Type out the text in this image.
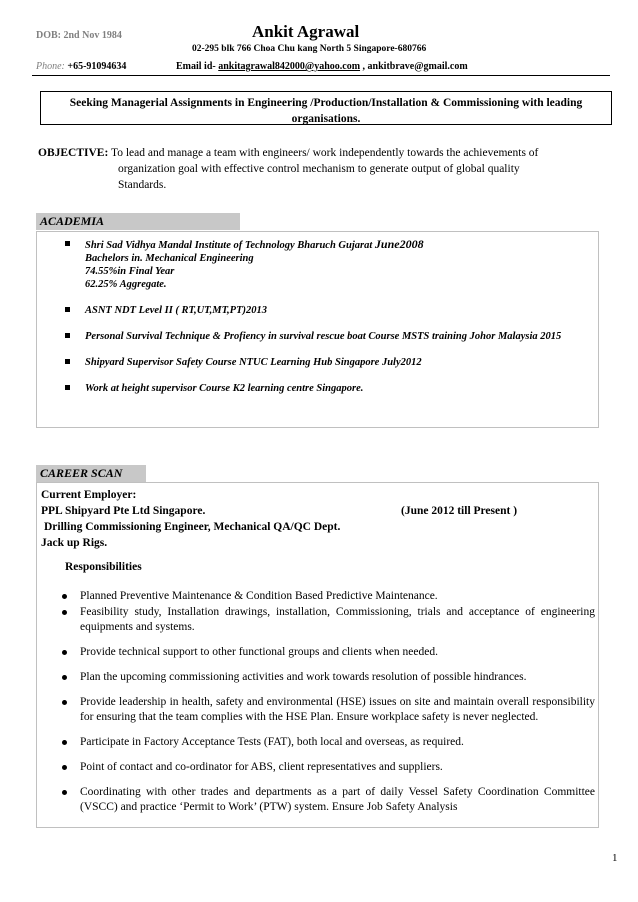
DOB: 2nd Nov 1984	Ankit Agrawal
02-295 blk 766 Choa Chu kang North 5 Singapore-680766
Phone: +65-91094634	Email id- ankitagrawal842000@yahoo.com , ankitbrave@gmail.com
Seeking Managerial Assignments in Engineering /Production/Installation & Commissioning with leading organisations.
OBJECTIVE: To lead and manage a team with engineers/ work independently towards the achievements of
organization goal with effective control mechanism to generate output of global quality
Standards.
ACADEMIA
Shri Sad Vidhya Mandal Institute of Technology Bharuch Gujarat June2008
Bachelors in. Mechanical Engineering
74.55%in Final Year
62.25% Aggregate.
ASNT NDT Level II ( RT,UT,MT,PT)2013
Personal Survival Technique & Profiency in survival rescue boat Course MSTS training Johor Malaysia 2015
Shipyard Supervisor Safety Course NTUC Learning Hub Singapore July2012
Work at height supervisor Course K2 learning centre Singapore.
CAREER SCAN
Current Employer:
PPL Shipyard Pte Ltd Singapore.	(June 2012 till Present )
Drilling Commissioning Engineer, Mechanical QA/QC Dept.
Jack up Rigs.
Responsibilities
Planned Preventive Maintenance & Condition Based Predictive Maintenance.
Feasibility study, Installation drawings, installation, Commissioning, trials and acceptance of engineering equipments and systems.
Provide technical support to other functional groups and clients when needed.
Plan the upcoming commissioning activities and work towards resolution of possible hindrances.
Provide leadership in health, safety and environmental (HSE) issues on site and maintain overall responsibility for ensuring that the team complies with the HSE Plan. Ensure workplace safety is never neglected.
Participate in Factory Acceptance Tests (FAT), both local and overseas, as required.
Point of contact and co-ordinator for ABS, client representatives and suppliers.
Coordinating with other trades and departments as a part of daily Vessel Safety Coordination Committee (VSCC) and practice ‘Permit to Work’ (PTW) system. Ensure Job Safety Analysis
1
